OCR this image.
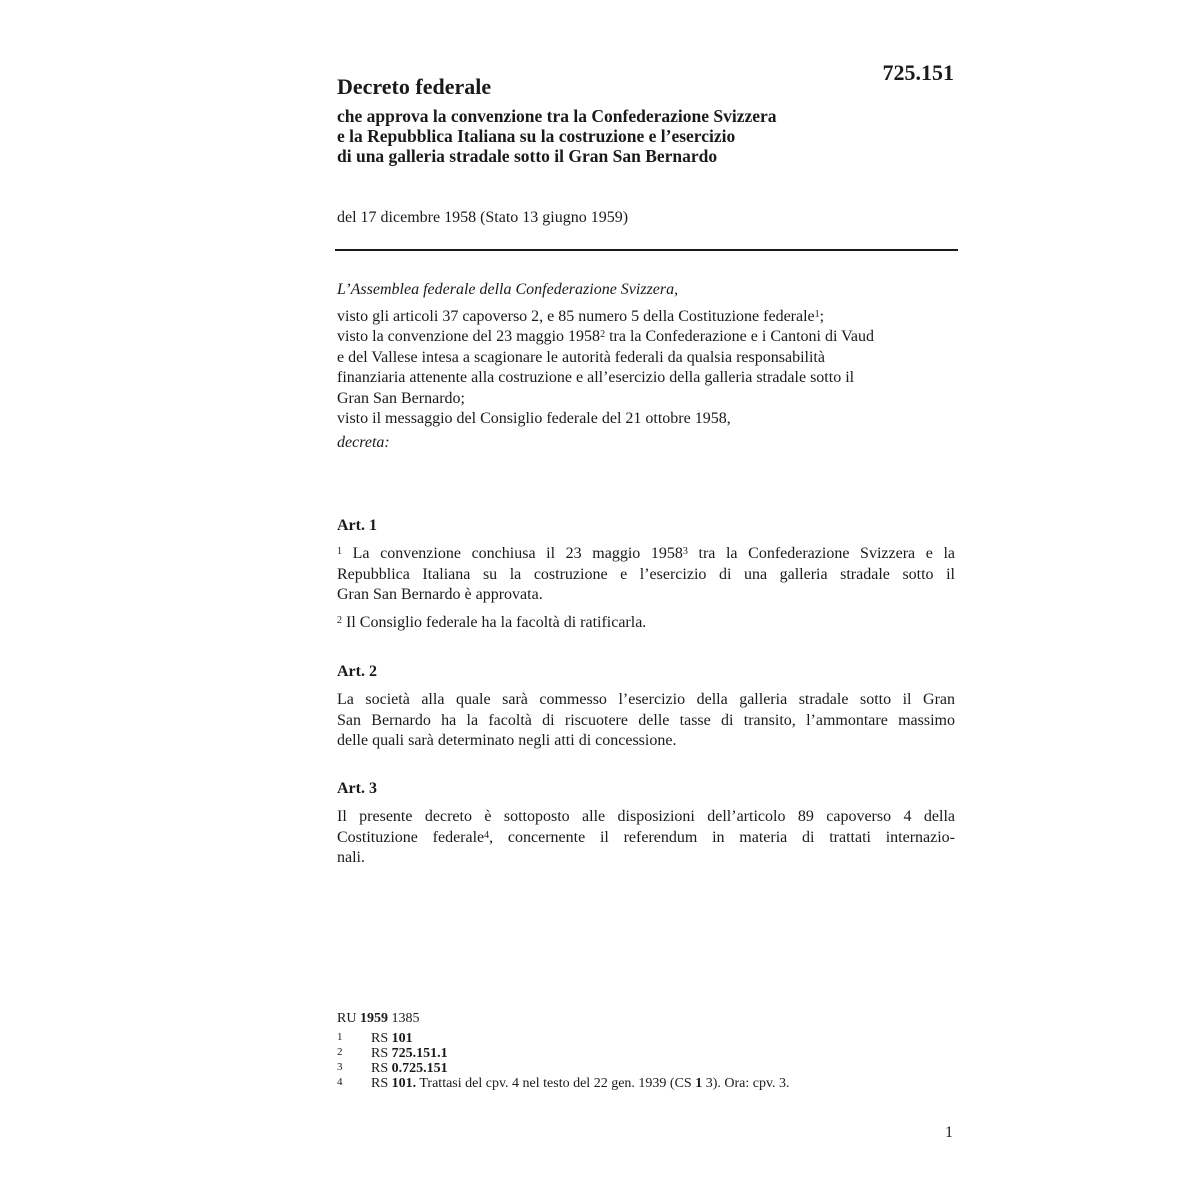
725.151
Decreto federale
che approva la convenzione tra la Confederazione Svizzera
e la Repubblica Italiana su la costruzione e l’esercizio
di una galleria stradale sotto il Gran San Bernardo
del 17 dicembre 1958 (Stato 13 giugno 1959)
L’Assemblea federale della Confederazione Svizzera,
visto gli articoli 37 capoverso 2, e 85 numero 5 della Costituzione federale$^1$;
visto la convenzione del 23 maggio 1958$^2$ tra la Confederazione e i Cantoni di Vaud
e del Vallese intesa a scagionare le autorità federali da qualsia responsabilità
finanziaria attenente alla costruzione e all’esercizio della galleria stradale sotto il
Gran San Bernardo;
visto il messaggio del Consiglio federale del 21 ottobre 1958,
decreta:
Art. 1
$^1$ La convenzione conchiusa il 23 maggio 1958$^3$ tra la Confederazione Svizzera e la
Repubblica Italiana su la costruzione e l’esercizio di una galleria stradale sotto il
Gran San Bernardo è approvata.
$^2$ Il Consiglio federale ha la facoltà di ratificarla.
Art. 2
La società alla quale sarà commesso l’esercizio della galleria stradale sotto il Gran
San Bernardo ha la facoltà di riscuotere delle tasse di transito, l’ammontare massimo
delle quali sarà determinato negli atti di concessione.
Art. 3
Il presente decreto è sottoposto alle disposizioni dell’articolo 89 capoverso 4 della
Costituzione federale$^4$, concernente il referendum in materia di trattati internazio-
nali.
RU 1959 1385
1	RS 101
2	RS 725.151.1
3	RS 0.725.151
4	RS 101. Trattasi del cpv. 4 nel testo del 22 gen. 1939 (CS 1 3). Ora: cpv. 3.
1
